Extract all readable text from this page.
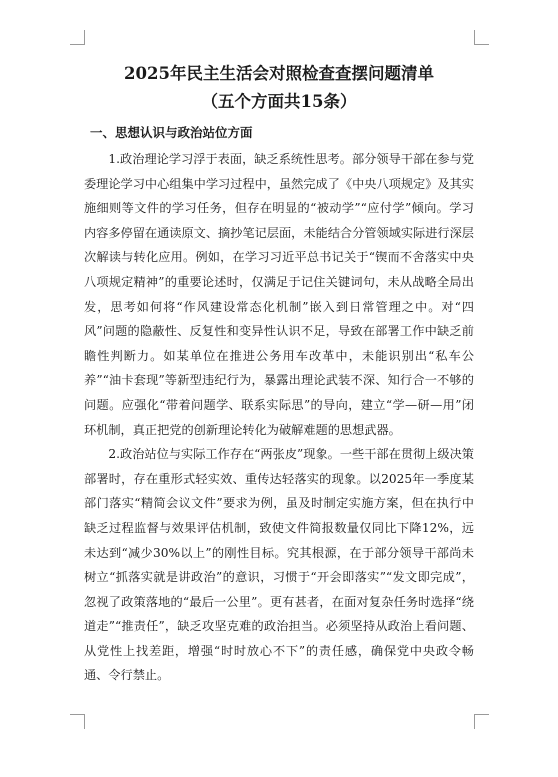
2025年民主生活会对照检查查摆问题清单
（五个方面共15条）
一、思想认识与政治站位方面

1.政治理论学习浮于表面，缺乏系统性思考。部分领导干部在参与党委理论学习中心组集中学习过程中，虽然完成了《中央八项规定》及其实施细则等文件的学习任务，但存在明显的“被动学”“应付学”倾向。学习内容多停留在通读原文、摘抄笔记层面，未能结合分管领域实际进行深层次解读与转化应用。例如，在学习习近平总书记关于“锲而不舍落实中央八项规定精神”的重要论述时，仅满足于记住关键词句，未从战略全局出发，思考如何将“作风建设常态化机制”嵌入到日常管理之中。对“四风”问题的隐蔽性、反复性和变异性认识不足，导致在部署工作中缺乏前瞻性判断力。如某单位在推进公务用车改革中，未能识别出“私车公养”“油卡套现”等新型违纪行为，暴露出理论武装不深、知行合一不够的问题。应强化“带着问题学、联系实际思”的导向，建立“学—研—用”闭环机制，真正把党的创新理论转化为破解难题的思想武器。

2.政治站位与实际工作存在“两张皮”现象。一些干部在贯彻上级决策部署时，存在重形式轻实效、重传达轻落实的现象。以2025年一季度某部门落实“精简会议文件”要求为例，虽及时制定实施方案，但在执行中缺乏过程监督与效果评估机制，致使文件简报数量仅同比下降12%，远未达到“减少30%以上”的刚性目标。究其根源，在于部分领导干部尚未树立“抓落实就是讲政治”的意识，习惯于“开会即落实”“发文即完成”，忽视了政策落地的“最后一公里”。更有甚者，在面对复杂任务时选择“绕道走”“推责任”，缺乏攻坚克难的政治担当。必须坚持从政治上看问题、从党性上找差距，增强“时时放心不下”的责任感，确保党中央政令畅通、令行禁止。
